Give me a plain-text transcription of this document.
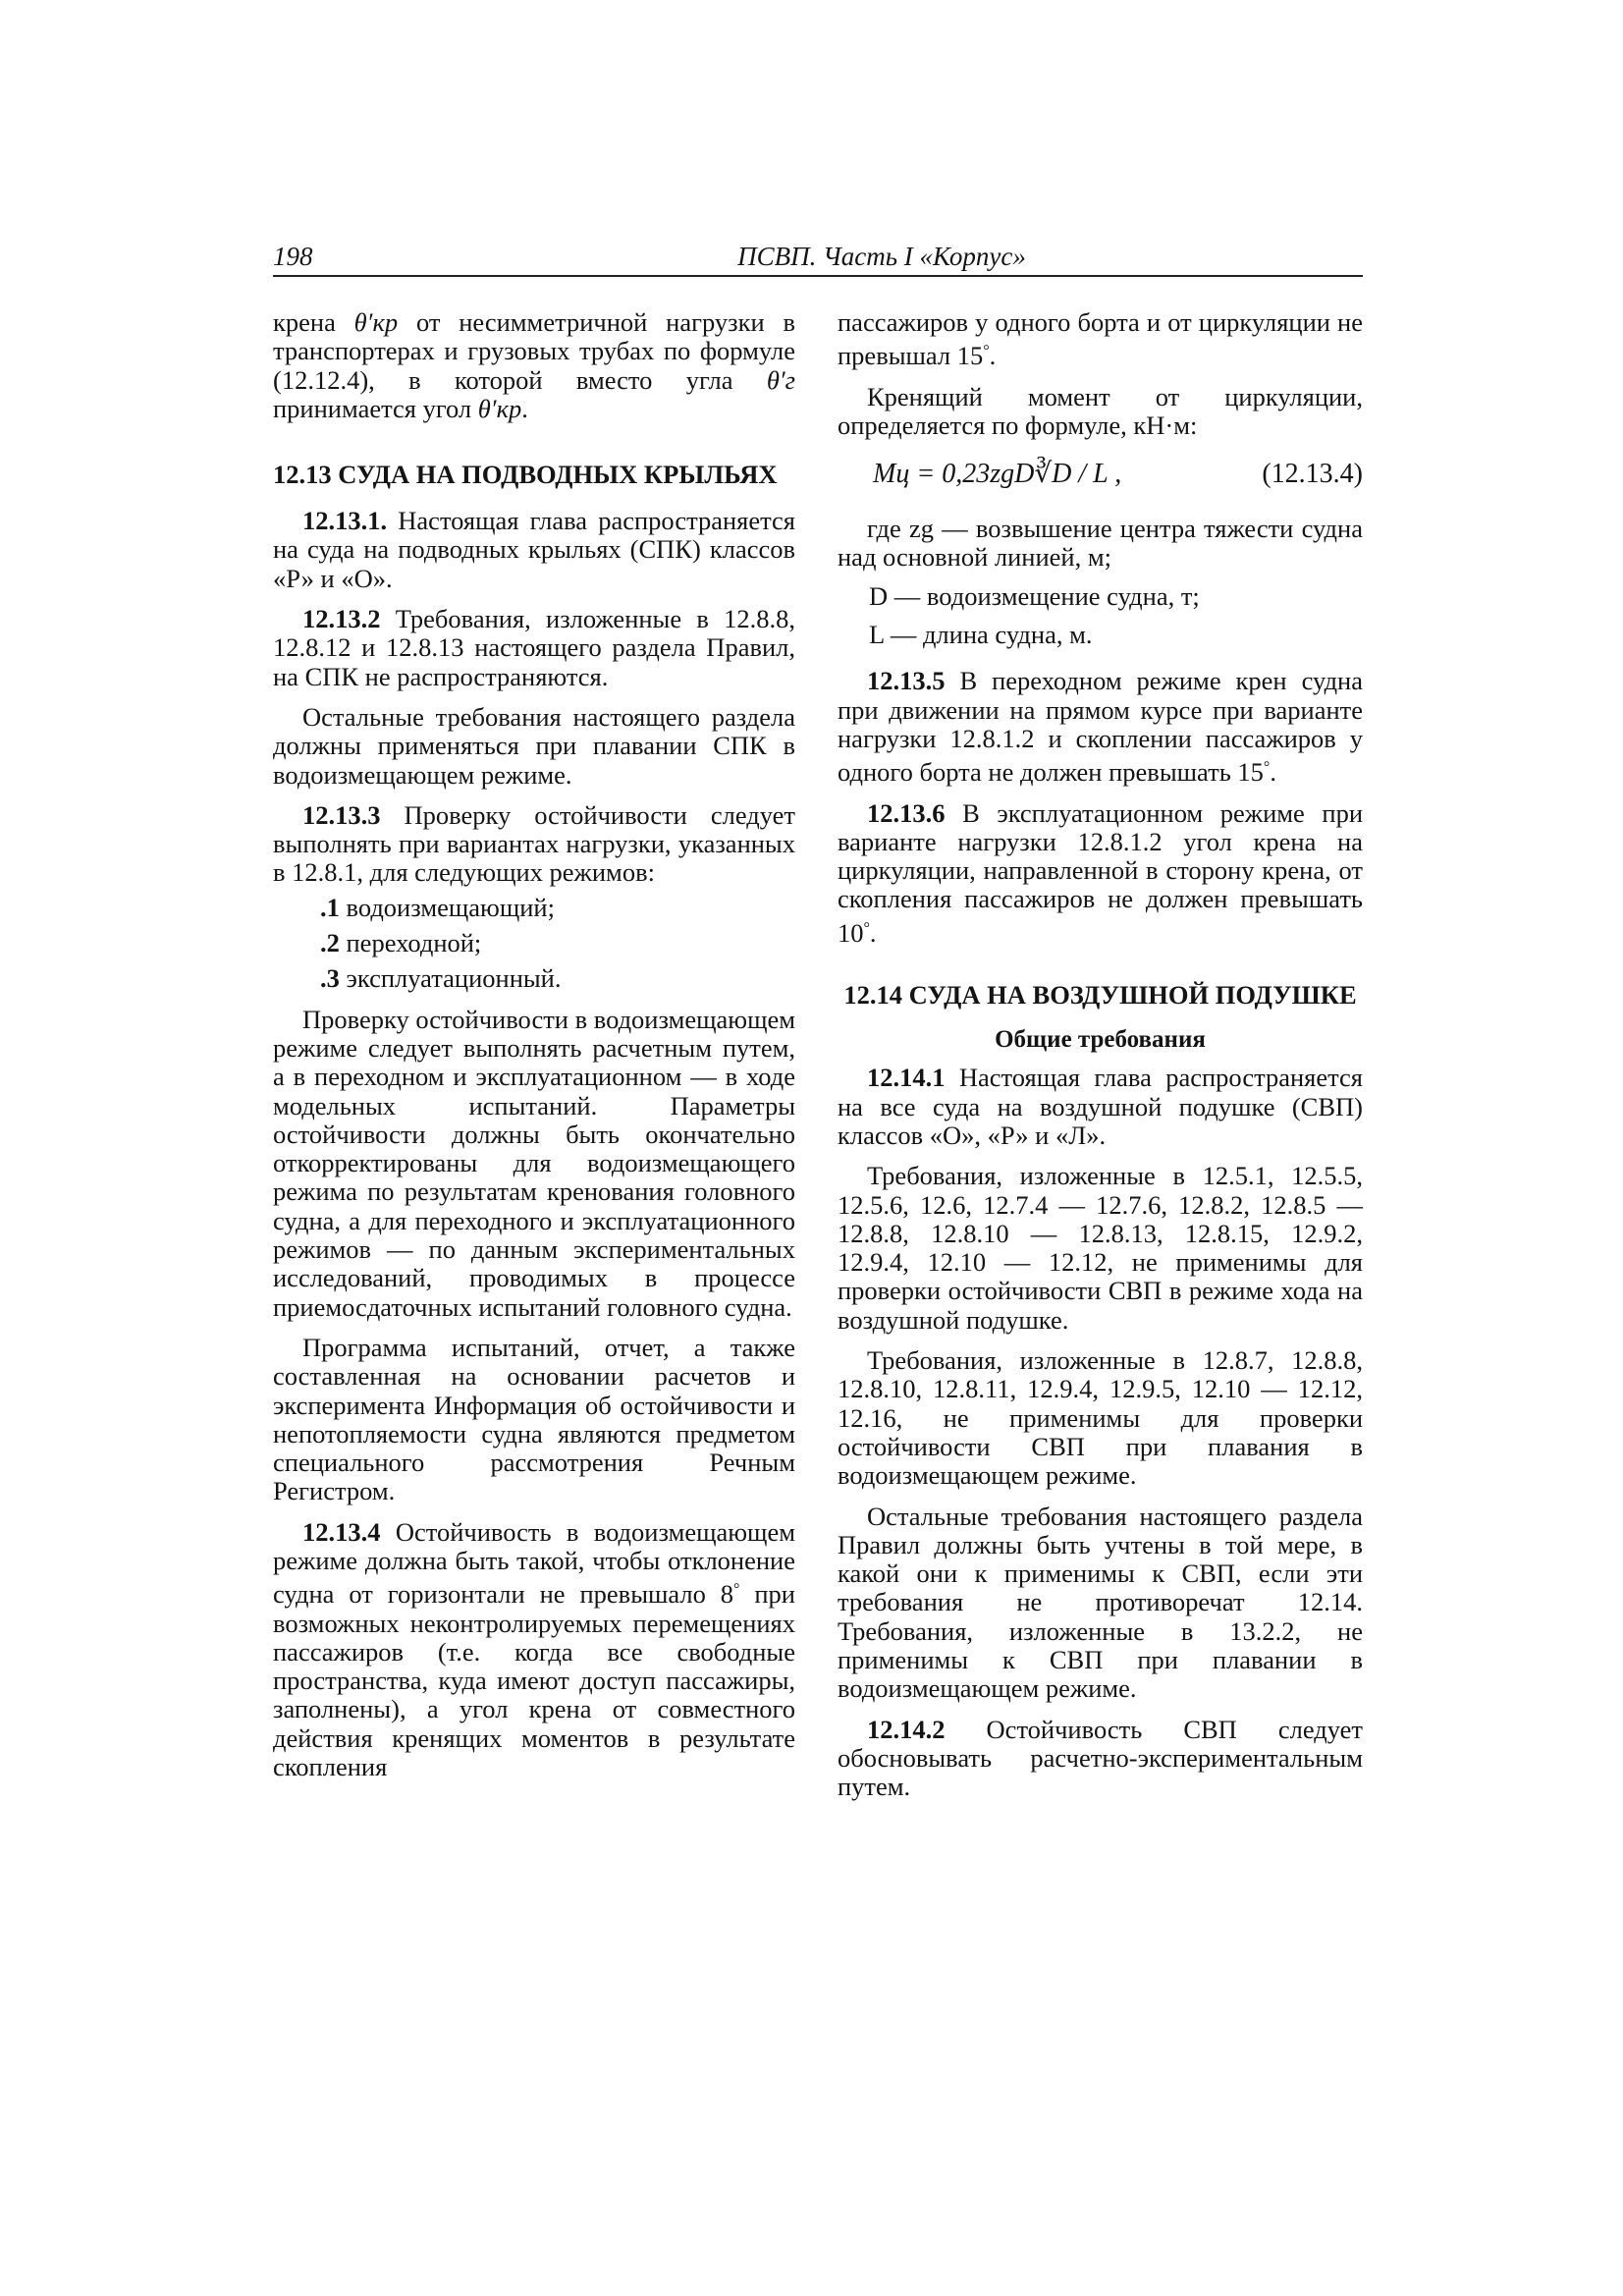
198	ПСВП. Часть I «Корпус»

крена θ′кр от несимметричной нагрузки в транспортерах и грузовых трубах по формуле (12.12.4), в которой вместо угла θ′г принимается угол θ′кр.

12.13 СУДА НА ПОДВОДНЫХ КРЫЛЬЯХ

12.13.1. Настоящая глава распространяется на суда на подводных крыльях (СПК) классов «Р» и «О».

12.13.2 Требования, изложенные в 12.8.8, 12.8.12 и 12.8.13 настоящего раздела Правил, на СПК не распространяются.

Остальные требования настоящего раздела должны применяться при плавании СПК в водоизмещающем режиме.

12.13.3 Проверку остойчивости следует выполнять при вариантах нагрузки, указанных в 12.8.1, для следующих режимов:

.1 водоизмещающий;
.2 переходной;
.3 эксплуатационный.

Проверку остойчивости в водоизмещающем режиме следует выполнять расчетным путем, а в переходном и эксплуатационном — в ходе модельных испытаний. Параметры остойчивости должны быть окончательно откорректированы для водоизмещающего режима по результатам кренования головного судна, а для переходного и эксплуатационного режимов — по данным экспериментальных исследований, проводимых в процессе приемосдаточных испытаний головного судна.

Программа испытаний, отчет, а также составленная на основании расчетов и эксперимента Информация об остойчивости и непотопляемости судна являются предметом специального рассмотрения Речным Регистром.

12.13.4 Остойчивость в водоизмещающем режиме должна быть такой, чтобы отклонение судна от горизонтали не превышало 8° при возможных неконтролируемых перемещениях пассажиров (т.е. когда все свободные пространства, куда имеют доступ пассажиры, заполнены), а угол крена от совместного действия кренящих моментов в результате скопления

пассажиров у одного борта и от циркуляции не превышал 15°.

Кренящий момент от циркуляции, определяется по формуле, кН·м:

Mц = 0,23zgD∛D / L ,	(12.13.4)
где zg — возвышение центра тяжести судна над основной линией, м;
D — водоизмещение судна, т;
L — длина судна, м.

12.13.5 В переходном режиме крен судна при движении на прямом курсе при варианте нагрузки 12.8.1.2 и скоплении пассажиров у одного борта не должен превышать 15°.

12.13.6 В эксплуатационном режиме при варианте нагрузки 12.8.1.2 угол крена на циркуляции, направленной в сторону крена, от скопления пассажиров не должен превышать 10°.

12.14 СУДА НА ВОЗДУШНОЙ ПОДУШКЕ
Общие требования

12.14.1 Настоящая глава распространяется на все суда на воздушной подушке (СВП) классов «О», «Р» и «Л».

Требования, изложенные в 12.5.1, 12.5.5, 12.5.6, 12.6, 12.7.4 — 12.7.6, 12.8.2, 12.8.5 — 12.8.8, 12.8.10 — 12.8.13, 12.8.15, 12.9.2, 12.9.4, 12.10 — 12.12, не применимы для проверки остойчивости СВП в режиме хода на воздушной подушке.

Требования, изложенные в 12.8.7, 12.8.8, 12.8.10, 12.8.11, 12.9.4, 12.9.5, 12.10 — 12.12, 12.16, не применимы для проверки остойчивости СВП при плавания в водоизмещающем режиме.

Остальные требования настоящего раздела Правил должны быть учтены в той мере, в какой они к применимы к СВП, если эти требования не противоречат 12.14. Требования, изложенные в 13.2.2, не применимы к СВП при плавании в водоизмещающем режиме.

12.14.2 Остойчивость СВП следует обосновывать расчетно-экспериментальным путем.
